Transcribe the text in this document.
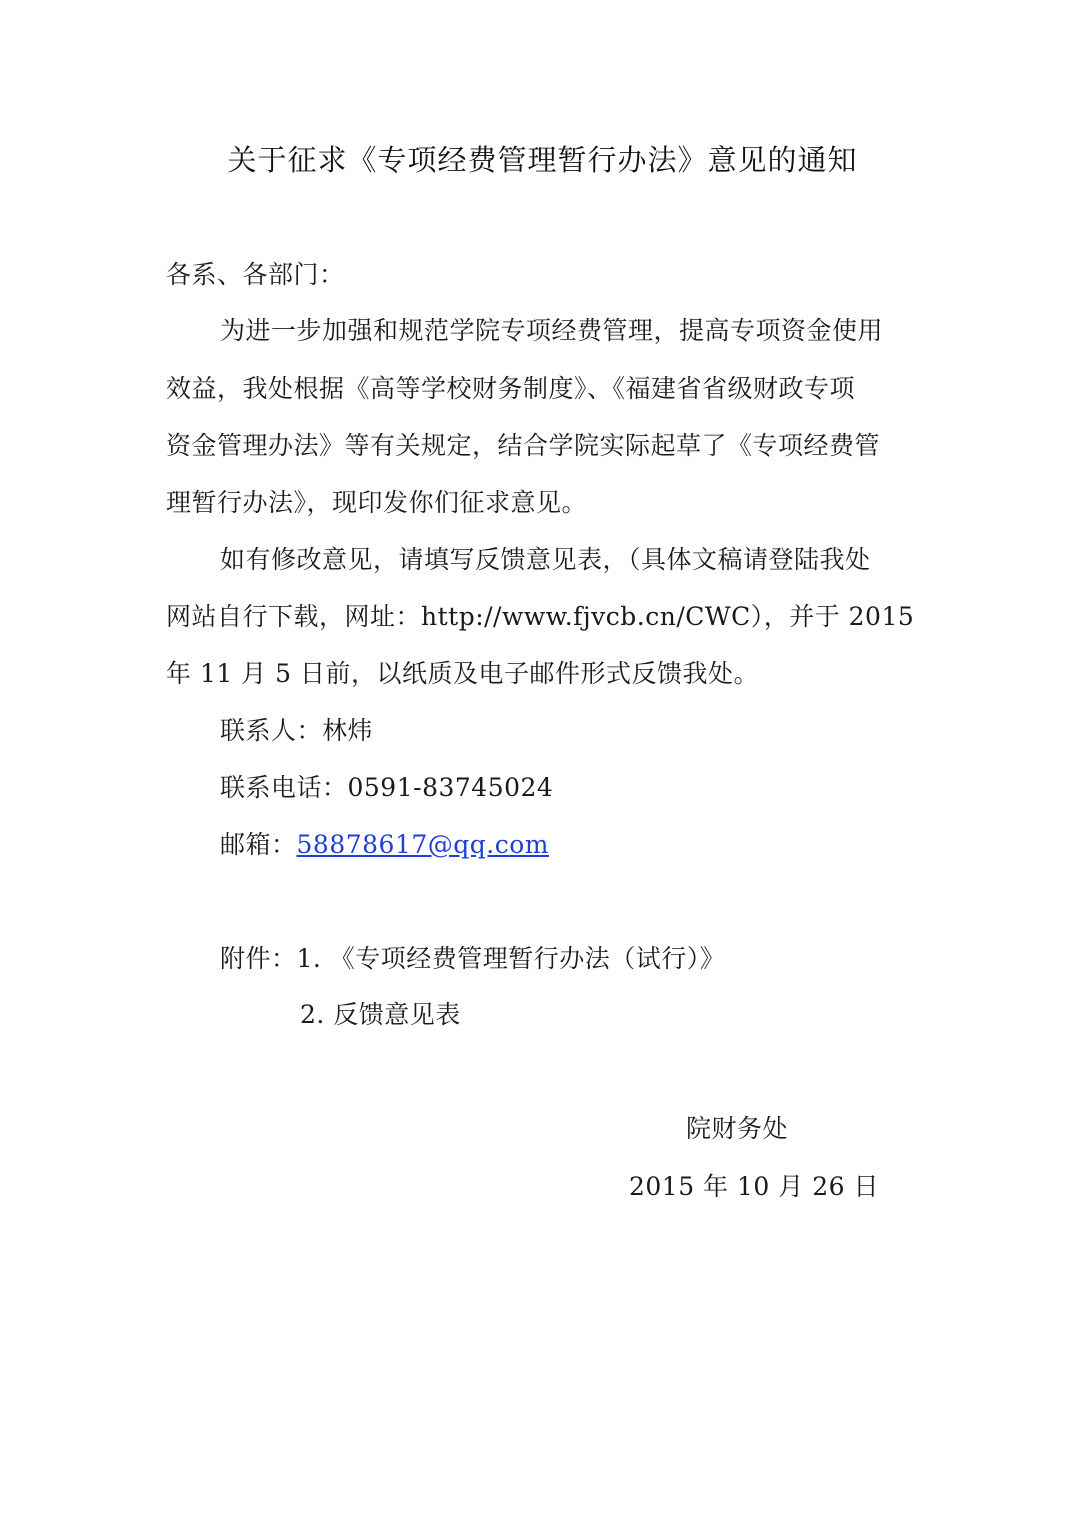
关于征求《专项经费管理暂行办法》意见的通知
各系、各部门：
为进一步加强和规范学院专项经费管理，提高专项资金使用
效益，我处根据《高等学校财务制度》、《福建省省级财政专项
资金管理办法》等有关规定，结合学院实际起草了《专项经费管
理暂行办法》，现印发你们征求意见。
如有修改意见，请填写反馈意见表，（具体文稿请登陆我处
网站自行下载，网址：http://www.fjvcb.cn/CWC），并于 2015
年 11 月 5 日前，以纸质及电子邮件形式反馈我处。
联系人：林炜
联系电话：0591-83745024
邮箱：58878617@qq.com
附件：1. 《专项经费管理暂行办法（试行）》
2. 反馈意见表
院财务处
2015 年 10 月 26 日
